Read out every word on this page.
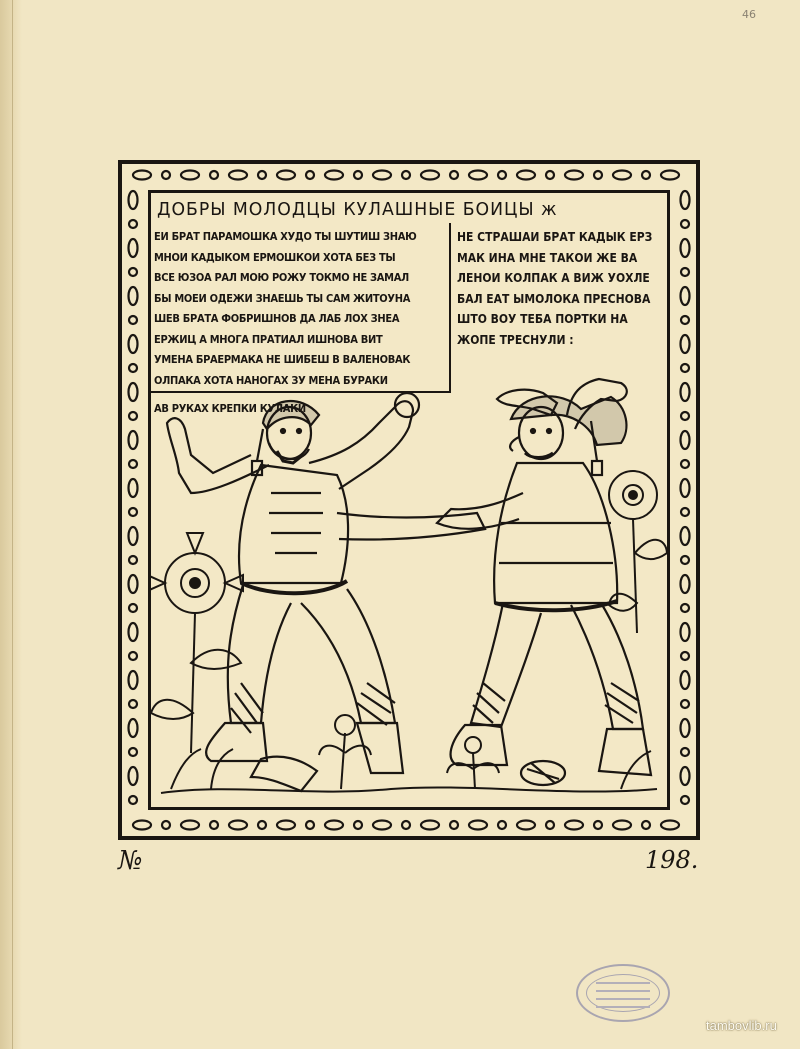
46
ДОБРЫ МОЛОДЦЫ КУЛАШНЫЕ БОИЦЫ ж
ЕИ БРАТ ПАРАМОШКА ХУДО ТЫ ШУТИШ ЗНАЮ
МНОИ КАДЫКОМ ЕРМОШКОИ ХОТА БЕЗ ТЫ
ВСЕ ЮЗОА РАЛ МОЮ РОЖУ ТОКМО НЕ ЗАМАЛ
БЫ МОЕИ ОДЕЖИ ЗНАЕШЬ ТЫ САМ ЖИТОУНА
ШЕВ БРАТА ФОБРИШНОВ ДА ЛАБ ЛОХ ЗНЕА
ЕРЖИЦ А МНОГА ПРАТИАЛ ИШНОВА ВИТ
УМЕНА БРАЕРМАКА НЕ ШИБЕШ В ВАЛЕНОВАК
ОЛПАКА ХОТА НАНОГАХ ЗУ МЕНА БУРАКИ
АВ РУКАХ КРЕПКИ КУЛАКИ
НЕ СТРАШАИ БРАТ КАДЫК ЕРЗ
МАК ИНА МНЕ ТАКОИ ЖЕ ВА
ЛЕНОИ КОЛПАК А ВИЖ УОХЛЕ
БАЛ ЕАТ ЫМОЛОКА ПРЕСНОВА
ШТО ВОУ ТЕБА ПОРТКИ НА
ЖОПЕ ТРЕСНУЛИ :
№	198.
tambovlib.ru
